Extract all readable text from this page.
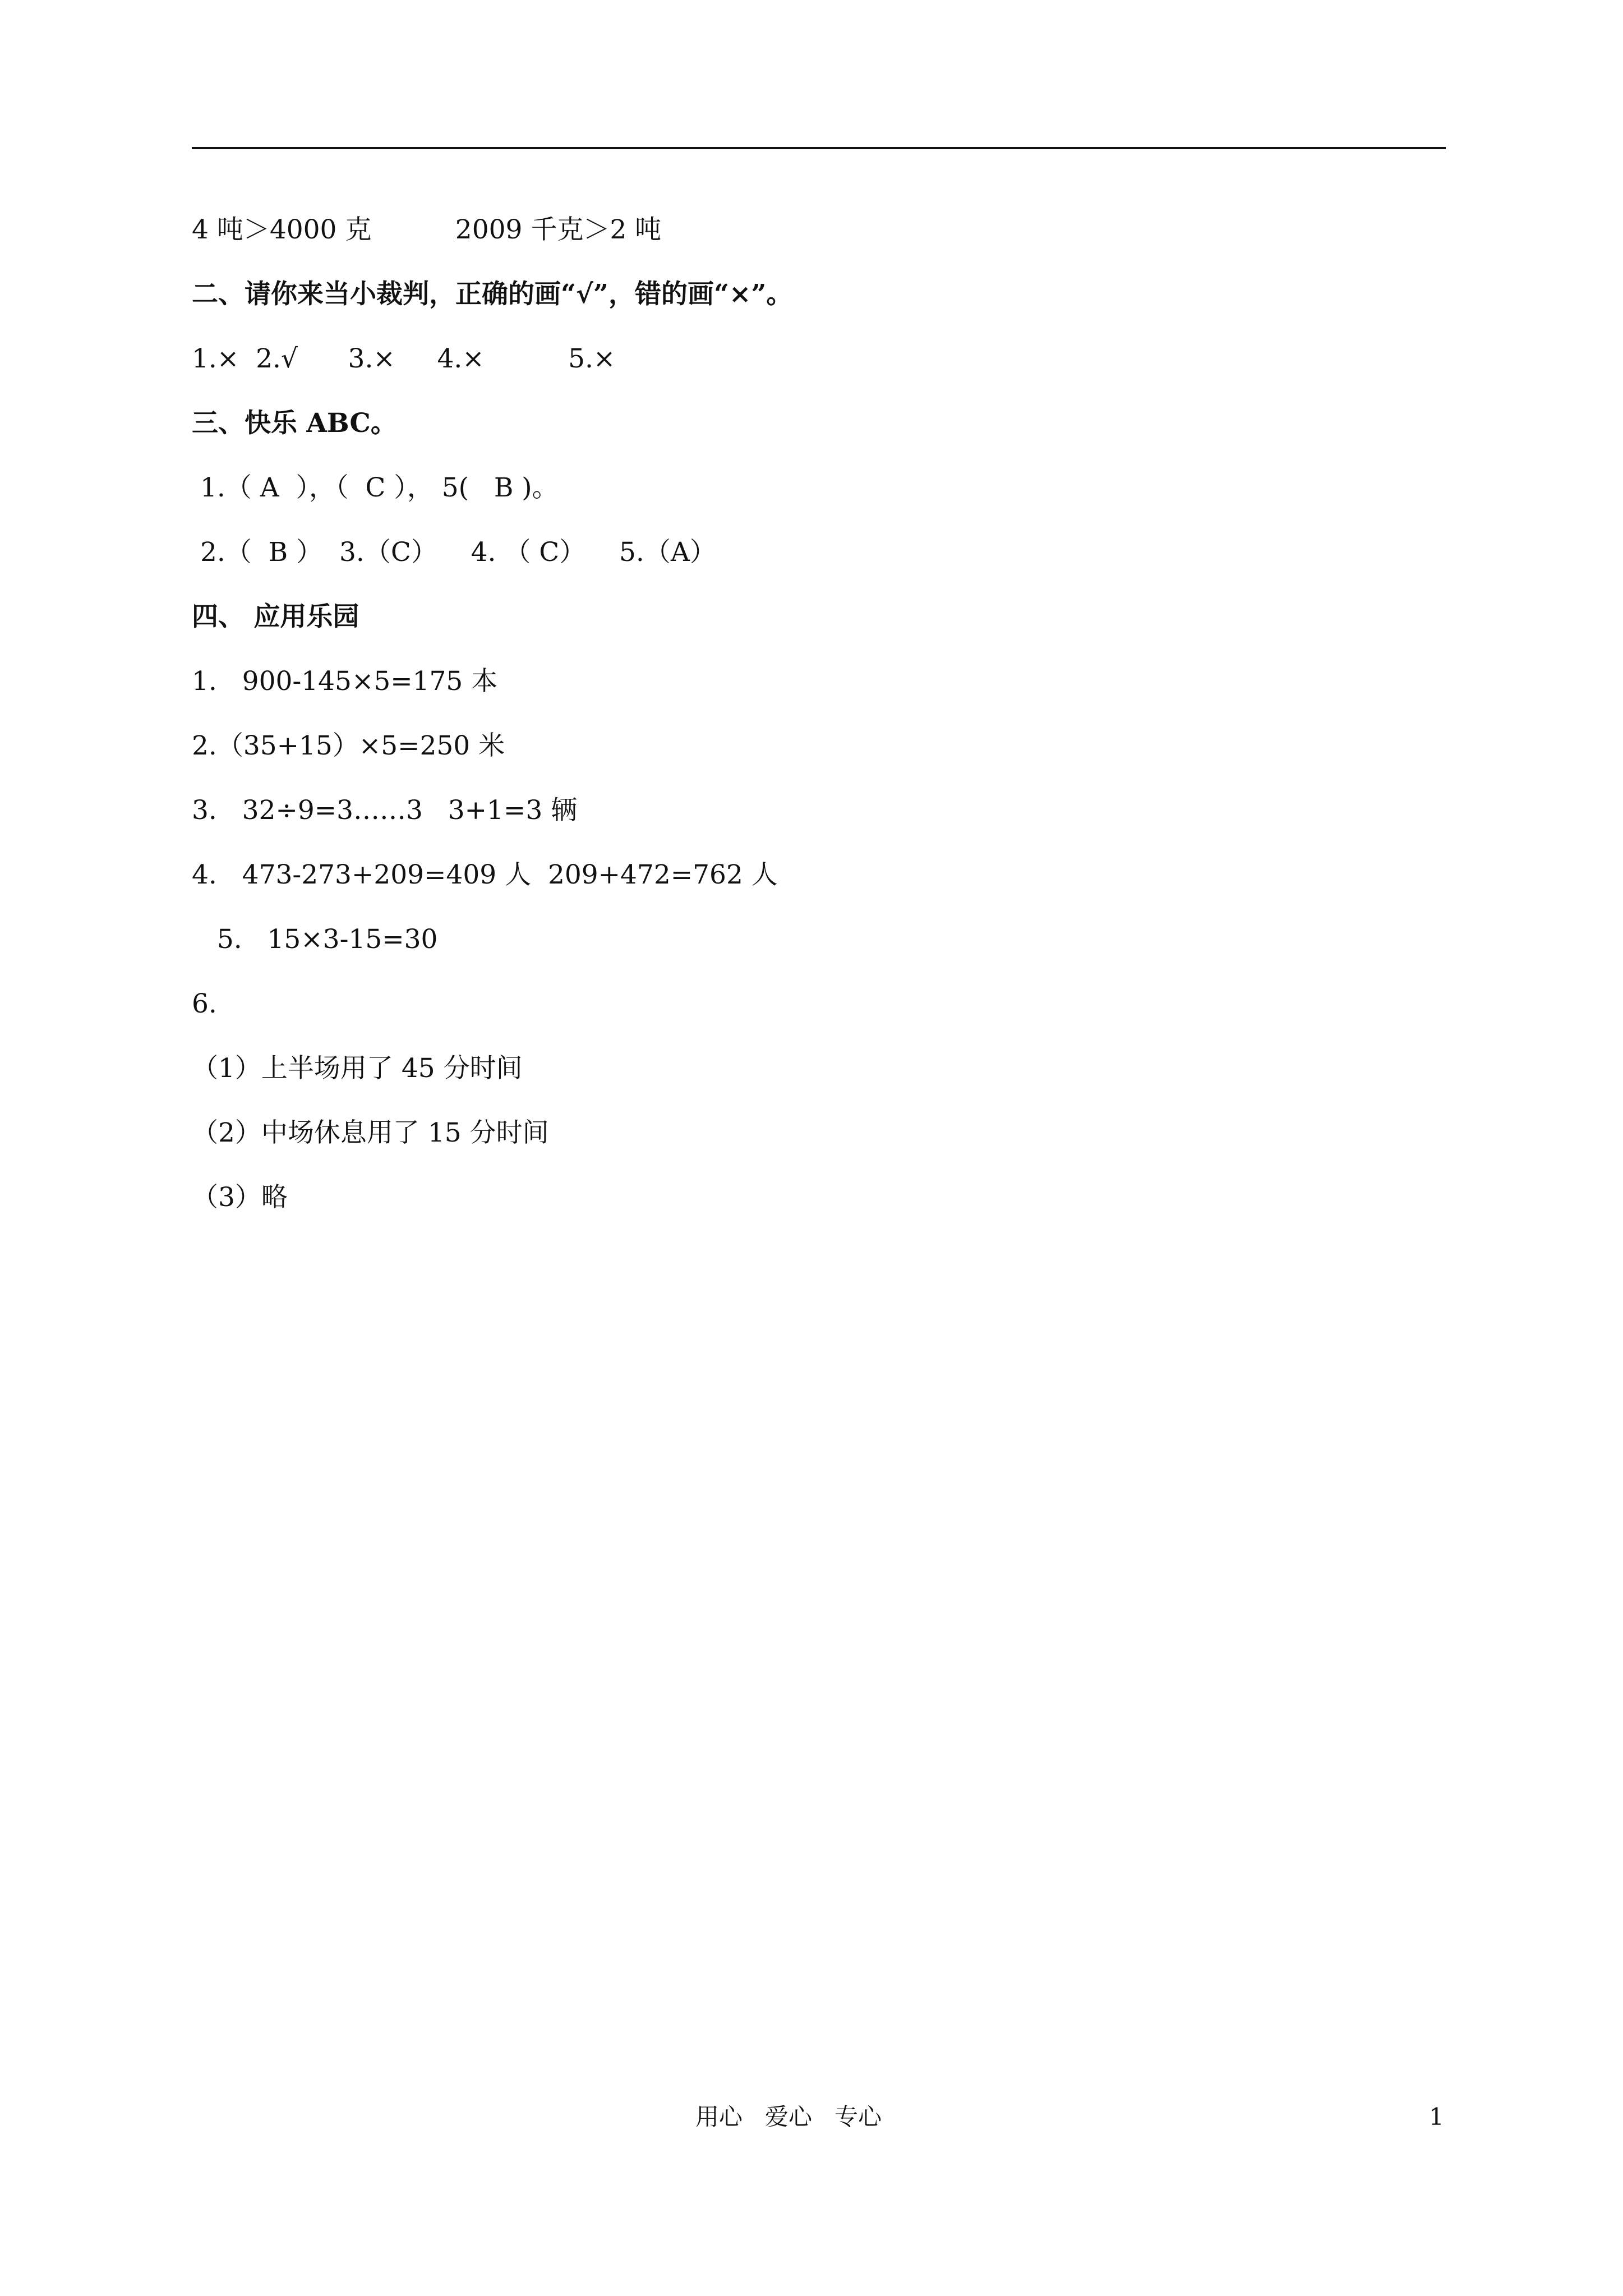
4 吨＞4000 克          2009 千克＞2 吨
二、请你来当小裁判，正确的画“√”，错的画“×”。
1.×  2.√      3.×     4.×          5.×
三、快乐 ABC。
1.（ A  ），（  C ）， 5(   B )。
2.（  B ）  3.（C）    4. （ C）    5.（A）
四、 应用乐园
1.   900-145×5=175 本
2.（35+15）×5=250 米
3.   32÷9=3……3   3+1=3 辆
4.   473-273+209=409 人  209+472=762 人
5.   15×3-15=30
6.
（1）上半场用了 45 分时间
（2）中场休息用了 15 分时间
（3）略
用心   爱心   专心	1
